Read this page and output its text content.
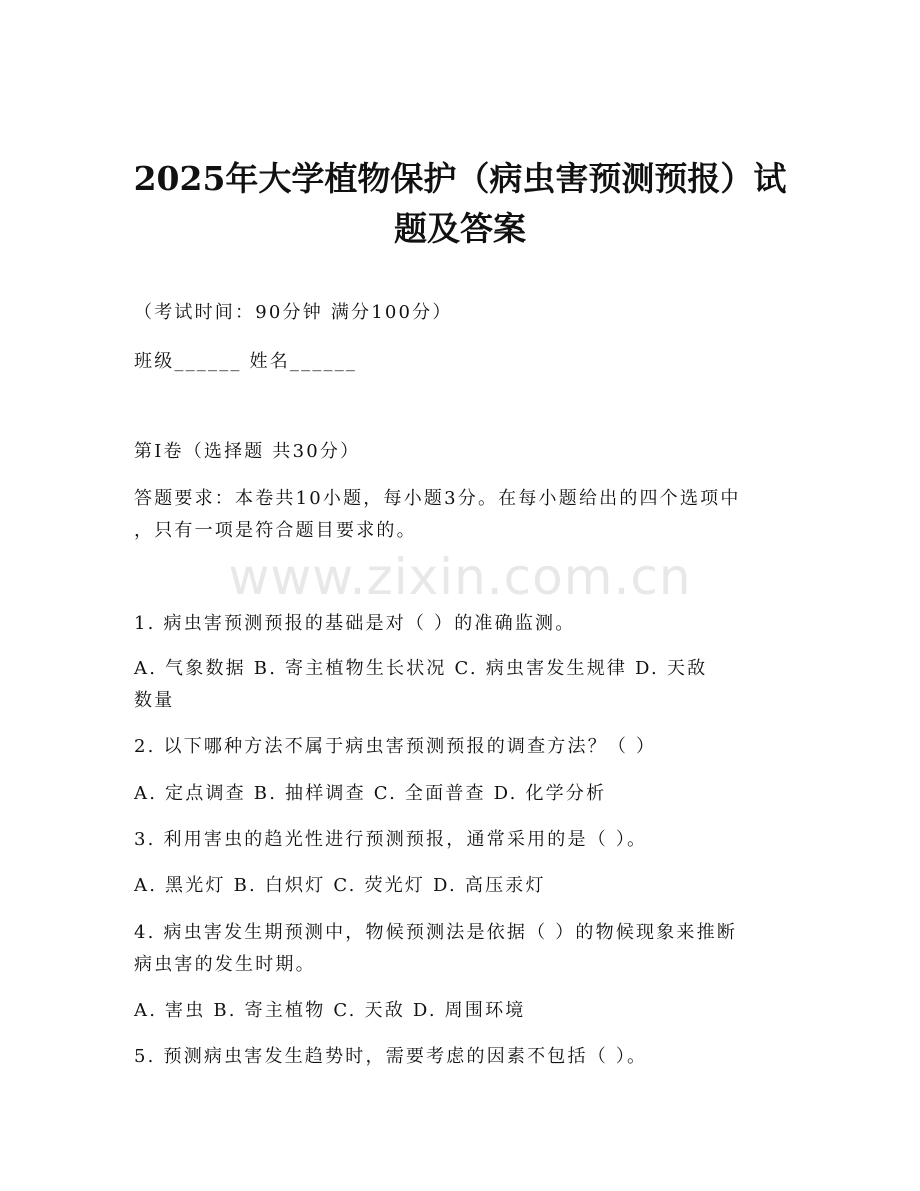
www.zixin.com.cn
2025年大学植物保护（病虫害预测预报）试
题及答案
（考试时间：90分钟 满分100分）
班级______ 姓名______
第I卷（选择题 共30分）
答题要求：本卷共10小题，每小题3分。在每小题给出的四个选项中
，只有一项是符合题目要求的。
1. 病虫害预测预报的基础是对（ ）的准确监测。
A. 气象数据 B. 寄主植物生长状况 C. 病虫害发生规律 D. 天敌
数量
2. 以下哪种方法不属于病虫害预测预报的调查方法？（ ）
A. 定点调查 B. 抽样调查 C. 全面普查 D. 化学分析
3. 利用害虫的趋光性进行预测预报，通常采用的是（ ）。
A. 黑光灯 B. 白炽灯 C. 荧光灯 D. 高压汞灯
4. 病虫害发生期预测中，物候预测法是依据（ ）的物候现象来推断
病虫害的发生时期。
A. 害虫 B. 寄主植物 C. 天敌 D. 周围环境
5. 预测病虫害发生趋势时，需要考虑的因素不包括（ ）。
